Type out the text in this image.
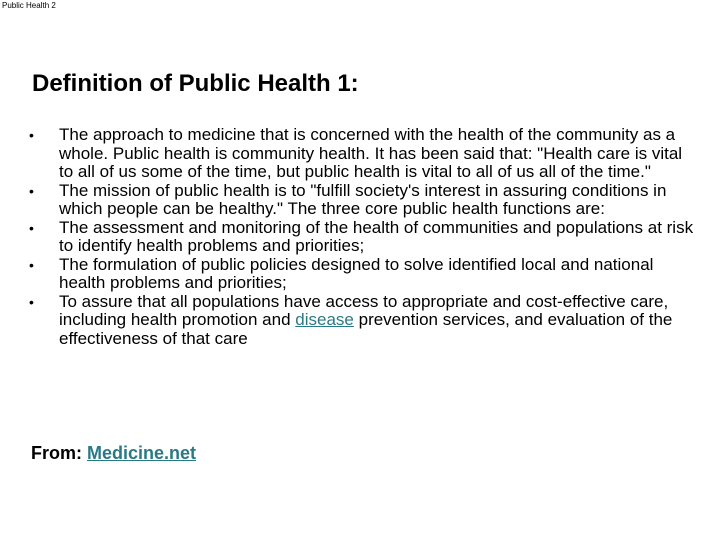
Public Health 2
Definition of Public Health 1:
• The approach to medicine that is concerned with the health of the community as a whole. Public health is community health. It has been said that: "Health care is vital to all of us some of the time, but public health is vital to all of us all of the time."
• The mission of public health is to "fulfill society's interest in assuring conditions in which people can be healthy." The three core public health functions are:
• The assessment and monitoring of the health of communities and populations at risk to identify health problems and priorities;
• The formulation of public policies designed to solve identified local and national health problems and priorities;
• To assure that all populations have access to appropriate and cost-effective care, including health promotion and disease prevention services, and evaluation of the effectiveness of that care
From: Medicine.net
